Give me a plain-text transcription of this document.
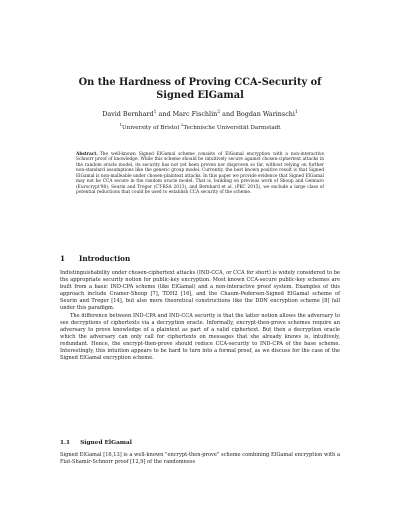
On the Hardness of Proving CCA-Security of
Signed ElGamal
David Bernhard$^1$ and Marc Fischlin$^2$ and Bogdan Warinschi$^1$
$^1$University of Bristol $^2$Technische Universität Darmstadt
Abstract. The well-known Signed ElGamal scheme consists of ElGamal encryption with a non-interactive Schnorr proof of knowledge. While this scheme should be intuitively secure against chosen-ciphertext attacks in the random oracle model, its security has not yet been proven nor disproven so far, without relying on further non-standard assumptions like the generic group model. Currently, the best known positive result is that Signed ElGamal is non-malleable under chosen-plaintext attacks. In this paper we provide evidence that Signed ElGamal may not be CCA secure in the random oracle model. That is, building on previous work of Shoup and Gennaro (Eurocrypt'98), Seurin and Treger (CT-RSA 2013), and Bernhard et al. (PKC 2015), we exclude a large class of potential reductions that could be used to establish CCA security of the scheme.
1 Introduction

Indistinguishability under chosen-ciphertext attacks (IND-CCA, or CCA for short) is widely considered to be the appropriate security notion for public-key encryption. Most known CCA-secure public-key schemes are built from a basic IND-CPA scheme (like ElGamal) and a non-interactive proof system. Examples of this approach include Cramer-Shoup [7], TDH2 [16], and the Chaum-Pedersen-Signed ElGamal scheme of Seurin and Treger [14], but also more theoretical constructions like the DDN encryption scheme [8] fall under this paradigm.

The difference between IND-CPA and IND-CCA security is that the latter notion allows the adversary to see decryptions of ciphertexts via a decryption oracle. Informally, encrypt-then-prove schemes require an adversary to prove knowledge of a plaintext as part of a valid ciphertext. But then a decryption oracle which the adversary can only call for ciphertexts on messages that she already knows is, intuitively, redundant. Hence, the encrypt-then-prove should reduce CCA-security to IND-CPA of the base scheme. Interestingly, this intuition appears to be hard to turn into a formal proof, as we discuss for the case of the Signed ElGamal encryption scheme.

1.1 Signed ElGamal

Signed ElGamal [16,13] is a well-known "encrypt-then-prove" scheme combining ElGamal encryption with a Fiat-Shamir-Schnorr proof [12,9] of the randomness
